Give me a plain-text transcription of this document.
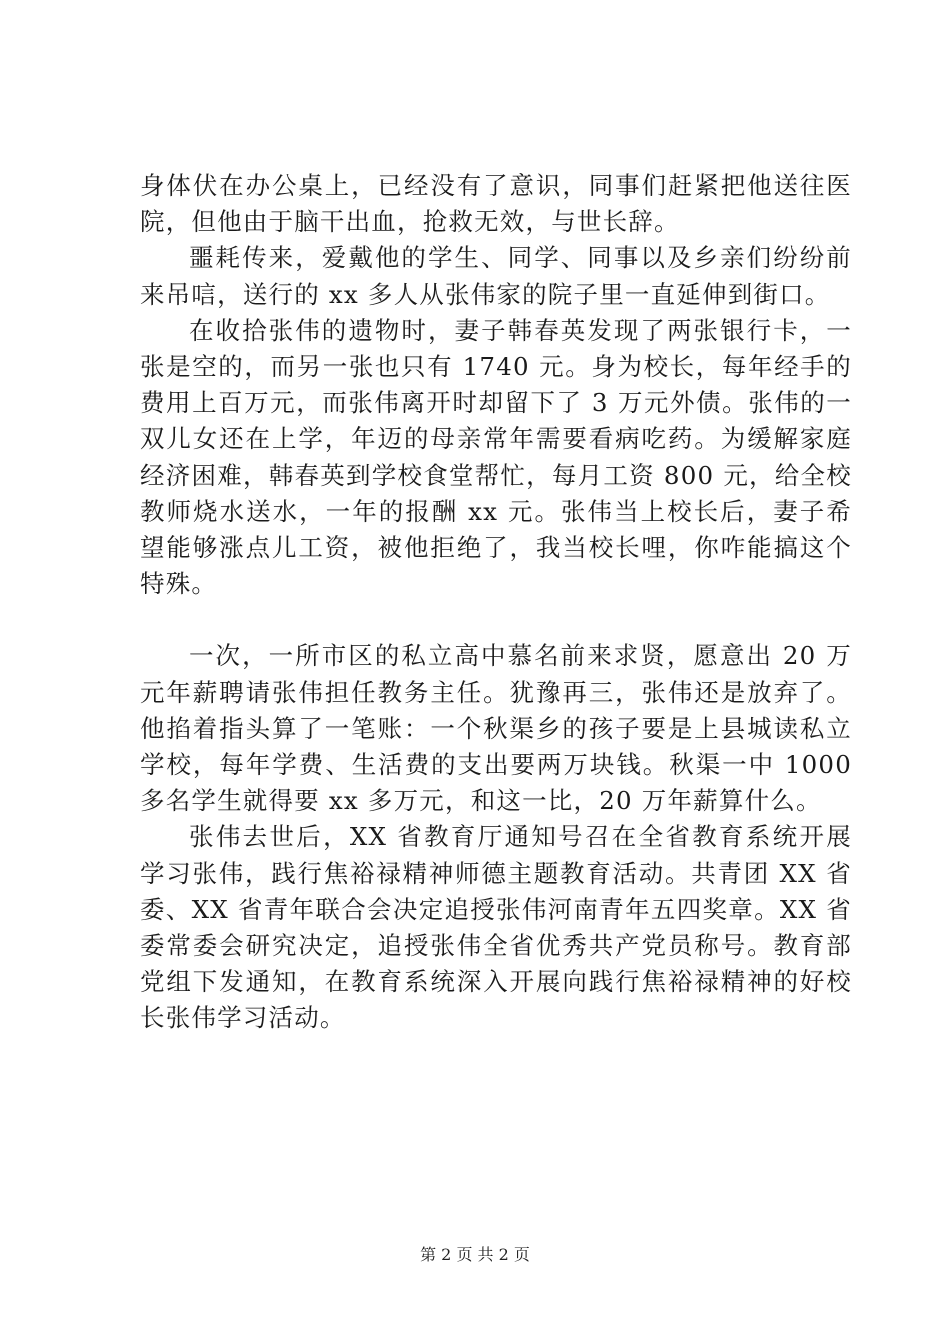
身体伏在办公桌上，已经没有了意识，同事们赶紧把他送往医院，但他由于脑干出血，抢救无效，与世长辞。

噩耗传来，爱戴他的学生、同学、同事以及乡亲们纷纷前来吊唁，送行的 xx 多人从张伟家的院子里一直延伸到街口。

在收拾张伟的遗物时，妻子韩春英发现了两张银行卡，一张是空的，而另一张也只有 1740 元。身为校长，每年经手的费用上百万元，而张伟离开时却留下了 3 万元外债。张伟的一双儿女还在上学，年迈的母亲常年需要看病吃药。为缓解家庭经济困难，韩春英到学校食堂帮忙，每月工资 800 元，给全校教师烧水送水，一年的报酬 xx 元。张伟当上校长后，妻子希望能够涨点儿工资，被他拒绝了，我当校长哩，你咋能搞这个特殊。

一次，一所市区的私立高中慕名前来求贤，愿意出 20 万元年薪聘请张伟担任教务主任。犹豫再三，张伟还是放弃了。他掐着指头算了一笔账：一个秋渠乡的孩子要是上县城读私立学校，每年学费、生活费的支出要两万块钱。秋渠一中 1000 多名学生就得要 xx 多万元，和这一比，20 万年薪算什么。

张伟去世后，XX 省教育厅通知号召在全省教育系统开展学习张伟，践行焦裕禄精神师德主题教育活动。共青团 XX 省委、XX 省青年联合会决定追授张伟河南青年五四奖章。XX 省委常委会研究决定，追授张伟全省优秀共产党员称号。教育部党组下发通知，在教育系统深入开展向践行焦裕禄精神的好校长张伟学习活动。

第 2 页 共 2 页
